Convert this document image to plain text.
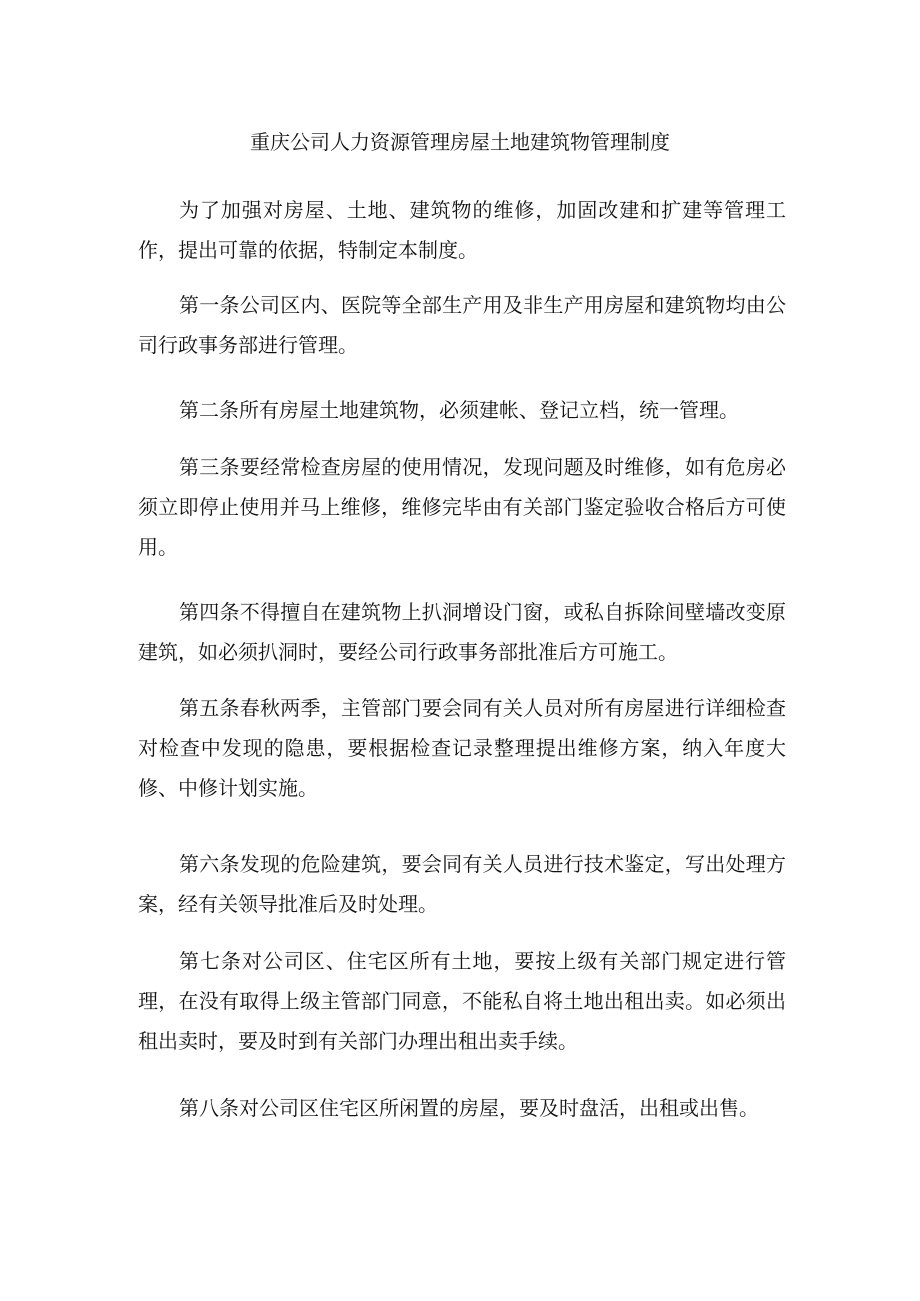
重庆公司人力资源管理房屋土地建筑物管理制度

为了加强对房屋、土地、建筑物的维修，加固改建和扩建等管理工作，提出可靠的依据，特制定本制度。

第一条公司区内、医院等全部生产用及非生产用房屋和建筑物均由公司行政事务部进行管理。

第二条所有房屋土地建筑物，必须建帐、登记立档，统一管理。

第三条要经常检查房屋的使用情况，发现问题及时维修，如有危房必须立即停止使用并马上维修，维修完毕由有关部门鉴定验收合格后方可使用。

第四条不得擅自在建筑物上扒洞增设门窗，或私自拆除间壁墙改变原建筑，如必须扒洞时，要经公司行政事务部批准后方可施工。

第五条春秋两季，主管部门要会同有关人员对所有房屋进行详细检查对检查中发现的隐患，要根据检查记录整理提出维修方案，纳入年度大修、中修计划实施。

第六条发现的危险建筑，要会同有关人员进行技术鉴定，写出处理方案，经有关领导批准后及时处理。

第七条对公司区、住宅区所有土地，要按上级有关部门规定进行管理，在没有取得上级主管部门同意，不能私自将土地出租出卖。如必须出租出卖时，要及时到有关部门办理出租出卖手续。

第八条对公司区住宅区所闲置的房屋，要及时盘活，出租或出售。
